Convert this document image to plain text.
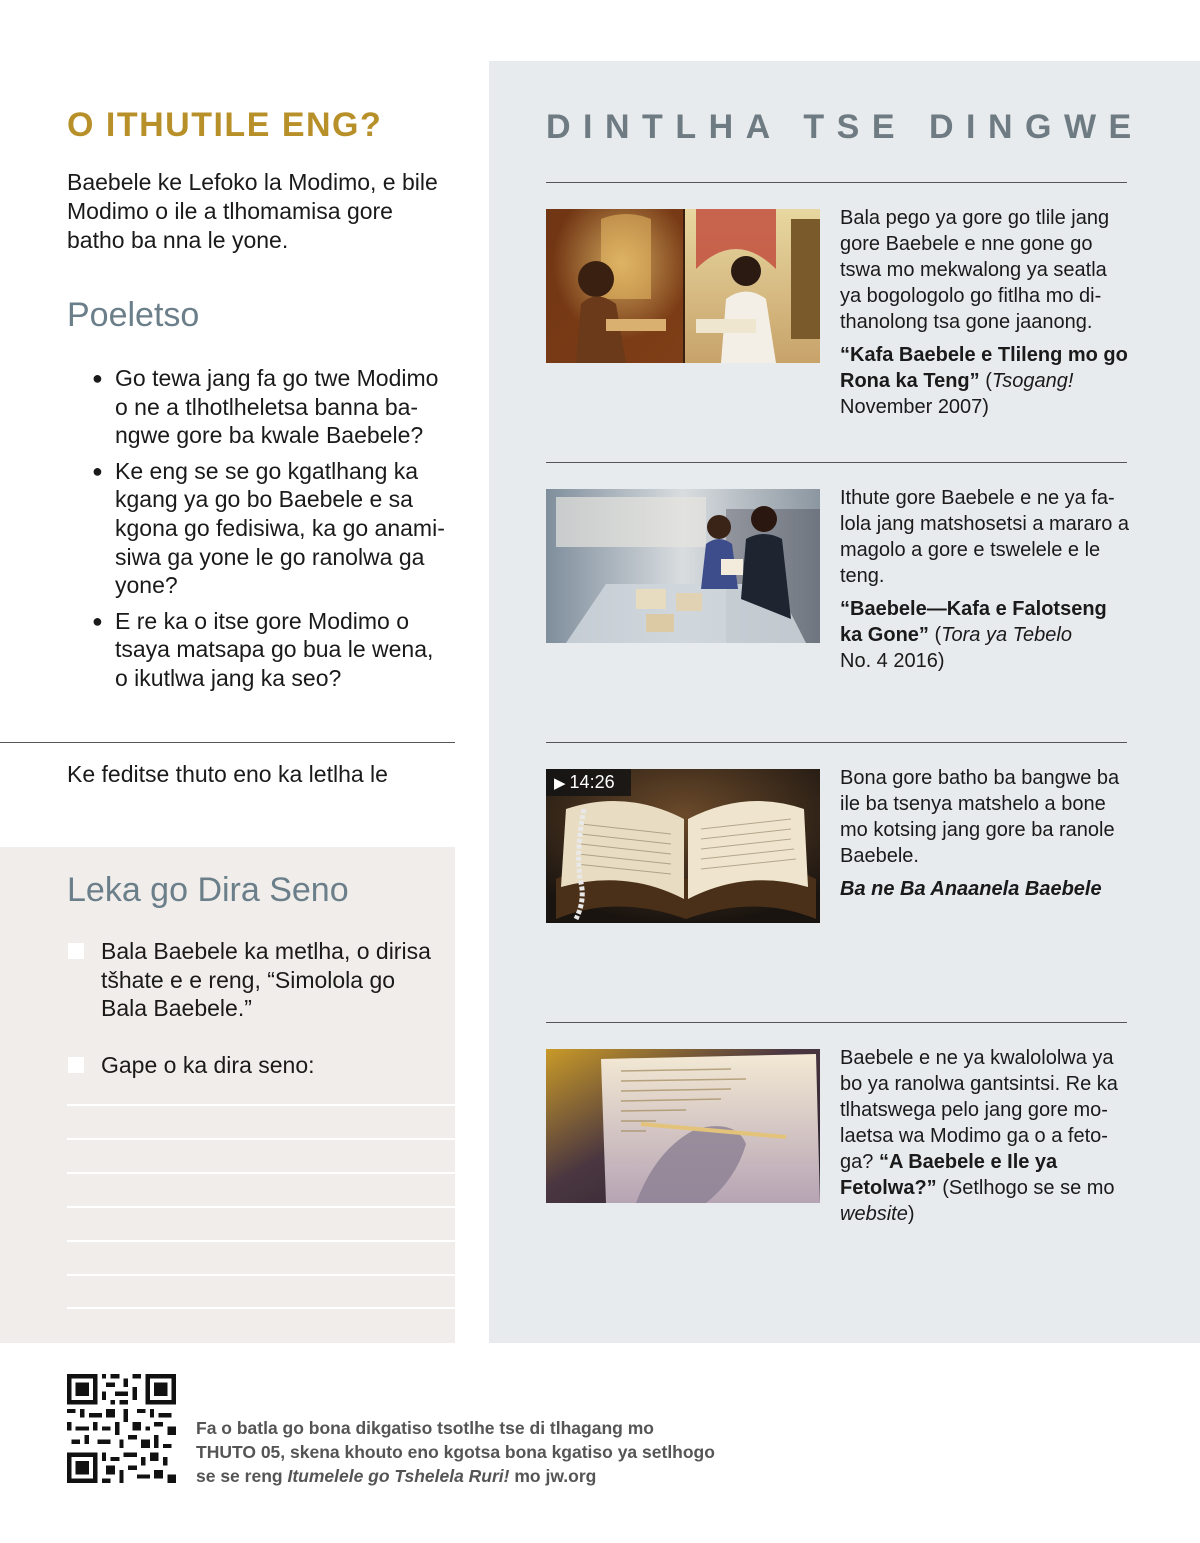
O ITHUTILE ENG?

Baebele ke Lefoko la Modimo, e bile Modimo o ile a tlhomamisa gore batho ba nna le yone.

Poeletso
● Go tewa jang fa go twe Modimo o ne a tlhotlheletsa banna ba-ngwe gore ba kwale Baebele?
● Ke eng se se go kgatlhang ka kgang ya go bo Baebele e sa kgona go fedisiwa, ka go anami-siwa ga yone le go ranolwa ga yone?
● E re ka o itse gore Modimo o tsaya matsapa go bua le wena, o ikutlwa jang ka seo?

Ke feditse thuto eno ka letlha le

Leka go Dira Seno

Bala Baebele ka metlha, o dirisa tšhate e e reng, “Simolola go Bala Baebele.”

Gape o ka dira seno:

DINTLHA TSE DINGWE

Bala pego ya gore go tlile jang gore Baebele e nne gone go tswa mo mekwalong ya seatla ya bogologolo go fitlha mo di-thanolong tsa gone jaanong.

“Kafa Baebele e Tlileng mo go Rona ka Teng” (Tsogang!
November 2007)

Ithute gore Baebele e ne ya fa-lola jang matshosetsi a mararo a magolo a gore e tswelele e le teng.

“Baebele—Kafa e Falotseng ka Gone” (Tora ya Tebelo
No. 4 2016)

▶ 14:26	Bona gore batho ba bangwe ba ile ba tsenya matshelo a bone mo kotsing jang gore ba ranole Baebele.

Ba ne Ba Anaanela Baebele

Baebele e ne ya kwalololwa ya bo ya ranolwa gantsintsi. Re ka tlhatswega pelo jang gore mo-laetsa wa Modimo ga o a feto-ga? “A Baebele e Ile ya Fetolwa?” (Setlhogo se se mo
website)

Fa o batla go bona dikgatiso tsotlhe tse di tlhagang mo THUTO 05, skena khouto eno kgotsa bona kgatiso ya setlhogo se se reng Itumelele go Tshelela Ruri! mo jw.org
